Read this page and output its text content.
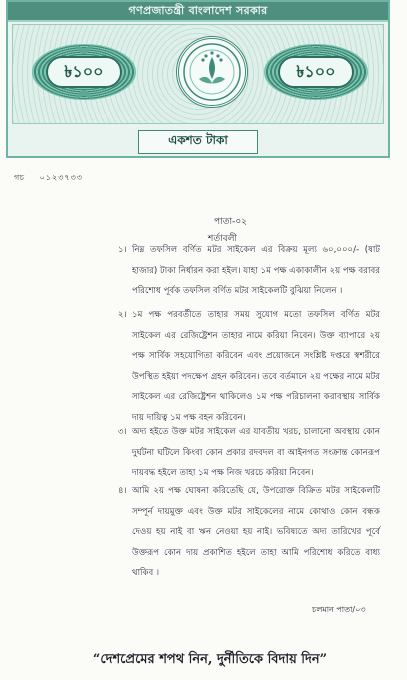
গণপ্রজাতন্ত্রী বাংলাদেশ সরকার
৳১০০	৳১০০
একশত টাকা
গচ ০১২৩৭৩৩
পাতা-০২
শর্তাবলী
১। নিম্ন তফসিল বর্ণিত মটর সাইকেল এর বিক্রয় মূল্য ৬০,০০০/- (ষাট হাজার) টাকা নির্ধারন করা হইল। যাহা ১ম পক্ষ একাকালীন ২য় পক্ষ বরাবর পরিশোধ পূর্বক তফসিল বর্ণিত মটর সাইকেলটি বুঝিয়া নিলেন ।
২। ১ম পক্ষ পরবর্তীতে তাহার সময় সুযোগ মতো তফসিল বর্ণিত মটর সাইকেল এর রেজিষ্ট্রেশন তাহার নামে করিয়া নিবেন। উক্ত ব্যাপারে ২য় পক্ষ সার্বিক সহযোগিতা করিবেন এবং প্রয়োজনে সংশ্লিষ্ট দপ্তরে স্বশরীরে উপস্থিত হইয়া পদক্ষেপ গ্রহন করিবেন। তবে বর্তমানে ২য় পক্ষের নামে মটর সাইকেল এর রেজিষ্ট্রেশন থাকিলেও ১ম পক্ষ পরিচালনা করাবস্থায় সার্বিক দায় দায়িত্ব ১ম পক্ষ বহন করিবেন।
৩। অদ্য হইতে উক্ত মটর সাইকেল এর যাবতীয় খরচ, চালানো অবস্থায় কোন দুর্ঘটনা ঘটিলে কিংবা কোন প্রকার রদবদল বা আইনগত সংক্রান্ত কোনরূপ দায়বদ্ধ হইলে তাহা ১ম পক্ষ নিজ খরচে করিয়া নিবেন।
৪। আমি ২য় পক্ষ ঘোষনা করিতেছি যে, উপরোক্ত বিক্রিত মটর সাইকেলটি সম্পূর্ন দায়মুক্ত এবং উক্ত মটর সাইকেলের নামে কোথাও কোন বন্ধক দেওয় হয় নাই বা ঋন নেওয়া হয় নাই। ভবিষ্যতে অদ্য তারিখের পূর্বে উক্তরূপ কোন দায় প্রকাশিত হইলে তাহা আমি পরিশোধ করিতে বাধ্য থাকিব ।
চলমান পাতা/০৩
“দেশপ্রেমের শপথ নিন, দুর্নীতিকে বিদায় দিন”
